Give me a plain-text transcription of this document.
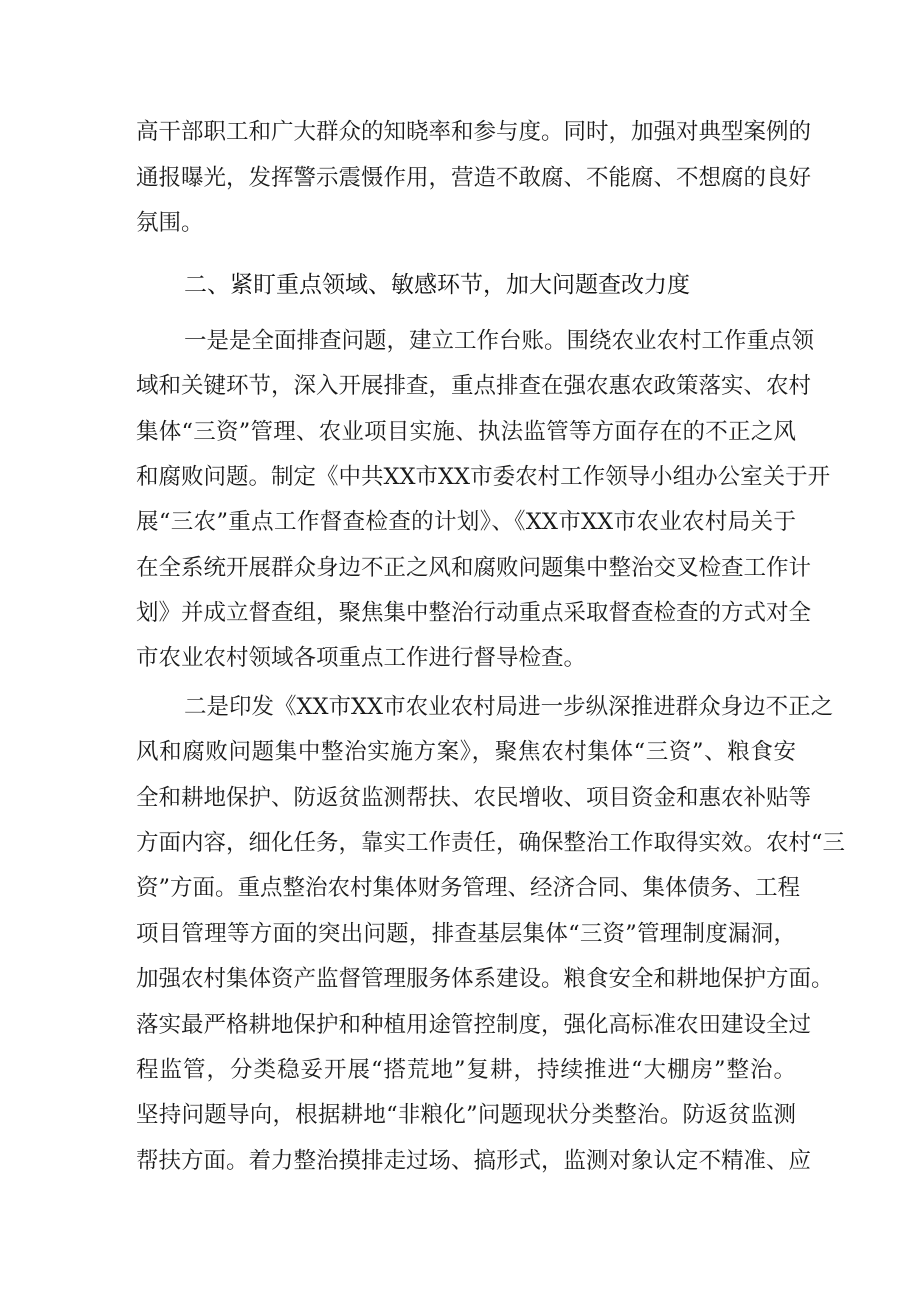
高干部职工和广大群众的知晓率和参与度。同时，加强对典型案例的
通报曝光，发挥警示震慑作用，营造不敢腐、不能腐、不想腐的良好
氛围。
二、紧盯重点领域、敏感环节，加大问题查改力度
一是是全面排查问题，建立工作台账。围绕农业农村工作重点领
域和关键环节，深入开展排查，重点排查在强农惠农政策落实、农村
集体“三资”管理、农业项目实施、执法监管等方面存在的不正之风
和腐败问题。制定《中共XX市XX市委农村工作领导小组办公室关于开
展“三农”重点工作督查检查的计划》、《XX市XX市农业农村局关于
在全系统开展群众身边不正之风和腐败问题集中整治交叉检查工作计
划》并成立督查组，聚焦集中整治行动重点采取督查检查的方式对全
市农业农村领域各项重点工作进行督导检查。
二是印发《XX市XX市农业农村局进一步纵深推进群众身边不正之
风和腐败问题集中整治实施方案》，聚焦农村集体“三资”、粮食安
全和耕地保护、防返贫监测帮扶、农民增收、项目资金和惠农补贴等
方面内容，细化任务，靠实工作责任，确保整治工作取得实效。农村“三
资”方面。重点整治农村集体财务管理、经济合同、集体债务、工程
项目管理等方面的突出问题，排查基层集体“三资”管理制度漏洞，
加强农村集体资产监督管理服务体系建设。粮食安全和耕地保护方面。
落实最严格耕地保护和种植用途管控制度，强化高标准农田建设全过
程监管，分类稳妥开展“搭荒地”复耕，持续推进“大棚房”整治。
坚持问题导向，根据耕地“非粮化”问题现状分类整治。防返贫监测
帮扶方面。着力整治摸排走过场、搞形式，监测对象认定不精准、应
